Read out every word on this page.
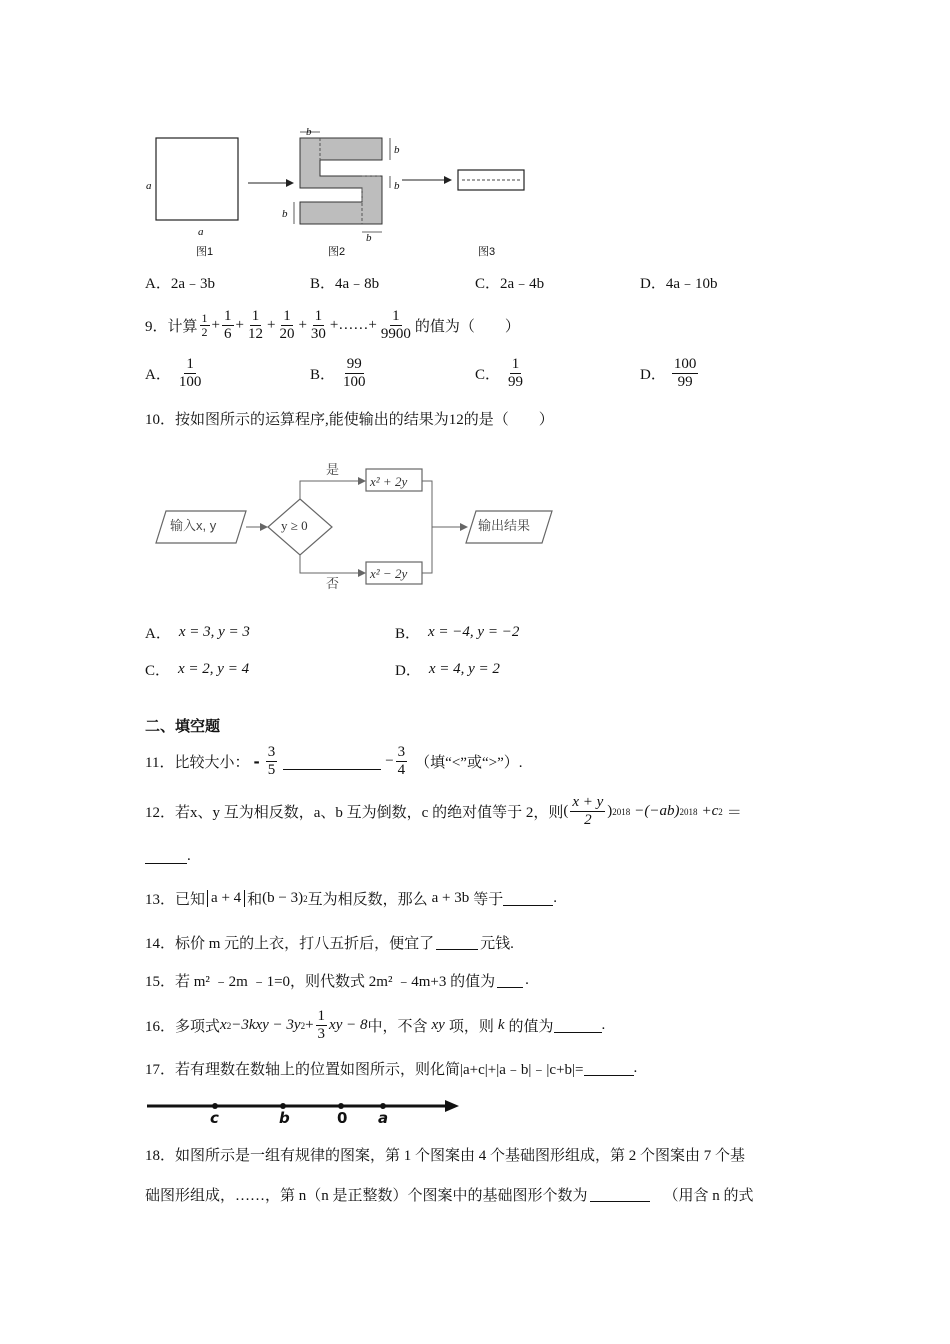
a
a
b
b
b
b
b
图1	图2	图3
A．2a﹣3b	B．4a﹣8b	C．2a﹣4b	D．4a﹣10b
9． 计算 $\frac{1}{2} + \frac{1}{6} + \frac{1}{12} + \frac{1}{20} + \frac{1}{30}$ +……+ $\frac{1}{9900}$ 的值为（　　）
A． $\frac{1}{100}$	B． $\frac{99}{100}$	C． $\frac{1}{99}$	D． $\frac{100}{99}$
10．按如图所示的运算程序,能使输出的结果为12的是（　　）
输入x, y	y ≥ 0
是
否
x² + 2y
x² − 2y
输出结果
A． x = 3, y = 3	B． x = −4, y = −2
C． x = 2, y = 4	D． x = 4, y = 2
二、填空题
11． 比较大小： - $\frac{3}{5}$	− $\frac{3}{4}$ （填“<”或“>”）.
12． 若x、y 互为相反数，a、b 互为倒数，c 的绝对值等于 2，则 ( $\frac{x + y}{2}$ ) 2018 −(−ab) 2018 +c 2 ＝
.
13． 已知 a + 4 和 (b − 3) 2 互为相反数，那么 a + 3b 等于	.
14．标价 m 元的上衣，打八五折后，便宜了	元钱.
15．若 m² ﹣2m ﹣1=0，则代数式 2m² ﹣4m+3 的值为 .
16． 多项式 x 2 −3kxy − 3y $2 + \frac{1}{3}$ xy − 8 中，不含 xy 项，则 k 的值为	.
17．若有理数在数轴上的位置如图所示，则化简|a+c|+|a﹣b|﹣|c+b|=	.
c	b	0 a
18．如图所示是一组有规律的图案，第 1 个图案由 4 个基础图形组成，第 2 个图案由 7 个基
础图形组成，……，第 n（n 是正整数）个图案中的基础图形个数为	（用含 n 的式
